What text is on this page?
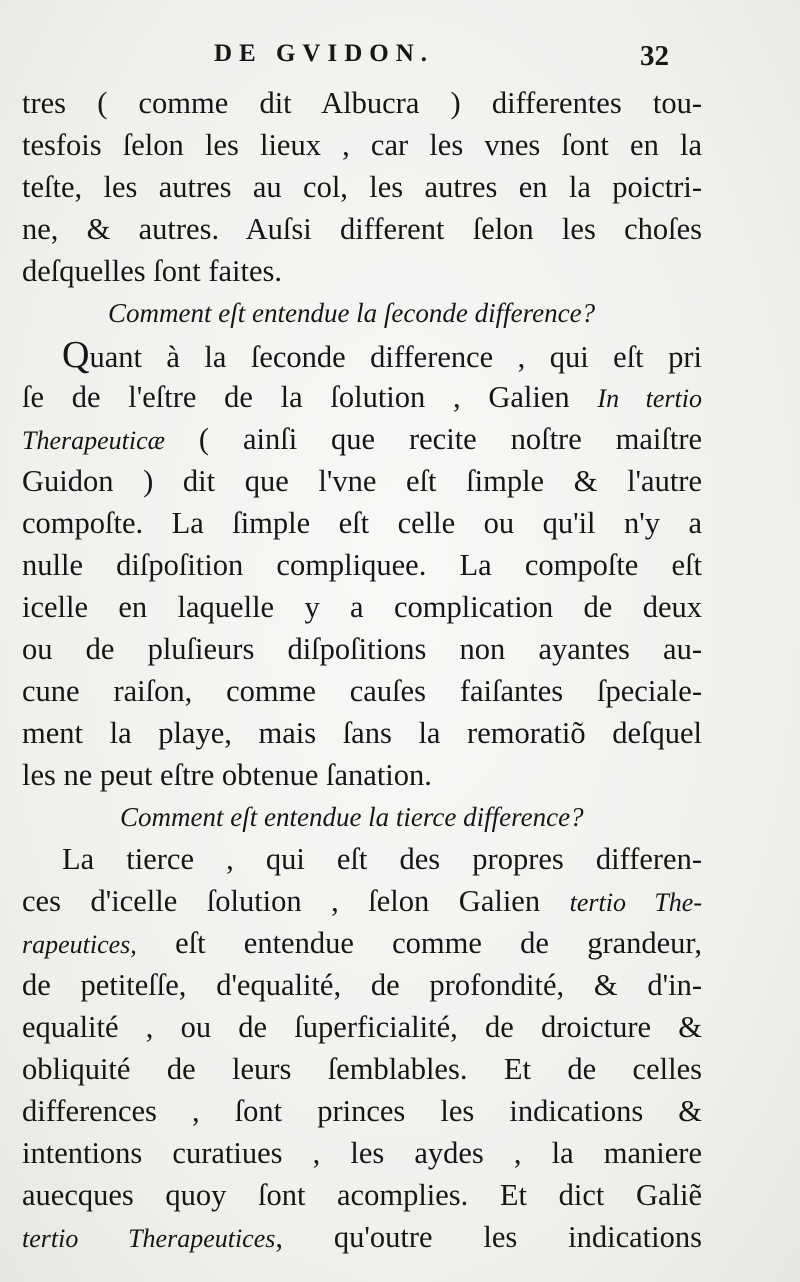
DE GVIDON.	32
tres ( comme dit Albucra ) differentes tou-
tesfois ſelon les lieux , car les vnes ſont en la
teſte, les autres au col, les autres en la poictri-
ne, & autres. Auſsi different ſelon les choſes
deſquelles ſont faites.
Comment eſt entendue la ſeconde difference?
Quant à la ſeconde difference , qui eſt pri
ſe de l'eſtre de la ſolution , Galien In tertio
Therapeuticæ ( ainſi que recite noſtre maiſtre
Guidon ) dit que l'vne eſt ſimple & l'autre
compoſte. La ſimple eſt celle ou qu'il n'y a
nulle diſpoſition compliquee. La compoſte eſt
icelle en laquelle y a complication de deux
ou de pluſieurs diſpoſitions non ayantes au-
cune raiſon, comme cauſes faiſantes ſpeciale-
ment la playe, mais ſans la remoratiõ deſquel
les ne peut eſtre obtenue ſanation.
Comment eſt entendue la tierce difference?
La tierce , qui eſt des propres differen-
ces d'icelle ſolution , ſelon Galien tertio The-
rapeutices, eſt entendue comme de grandeur,
de petiteſſe, d'equalité, de profondité, & d'in-
equalité , ou de ſuperficialité, de droicture &
obliquité de leurs ſemblables. Et de celles
differences , ſont princes les indications &
intentions curatiues , les aydes , la maniere
auecques quoy ſont acomplies. Et dict Galiẽ
tertio Therapeutices, qu'outre les indications
